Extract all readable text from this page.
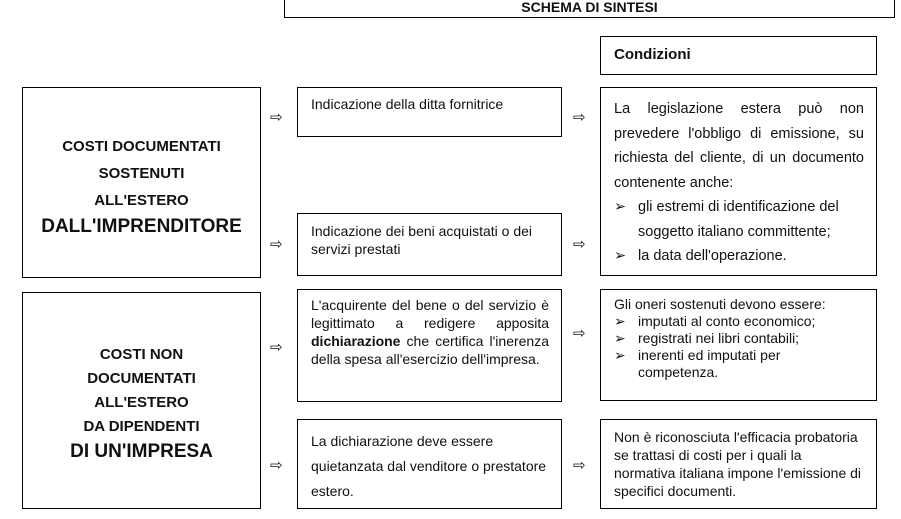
SCHEMA DI SINTESI
Condizioni
COSTI DOCUMENTATI
SOSTENUTI
ALL'ESTERO
DALL'IMPRENDITORE
⇨
⇨
Indicazione della ditta fornitrice
Indicazione dei beni acquistati o dei servizi prestati
⇨
⇨
La legislazione estera può non prevedere l'obbligo di emissione, su richiesta del cliente, di un documento contenente anche:
➢ gli estremi di identificazione del soggetto italiano committente;
➢ la data dell'operazione.
COSTI NON
DOCUMENTATI
ALL'ESTERO
DA DIPENDENTI
DI UN'IMPRESA
⇨
⇨
L'acquirente del bene o del servizio è legittimato a redigere apposita dichiarazione che certifica l'inerenza della spesa all'esercizio dell'impresa.
La dichiarazione deve essere quietanzata dal venditore o prestatore estero.
⇨
⇨
Gli oneri sostenuti devono essere:
➢ imputati al conto economico;
➢ registrati nei libri contabili;
➢ inerenti ed imputati per competenza.
Non è riconosciuta l'efficacia probatoria se trattasi di costi per i quali la normativa italiana impone l'emissione di specifici documenti.
